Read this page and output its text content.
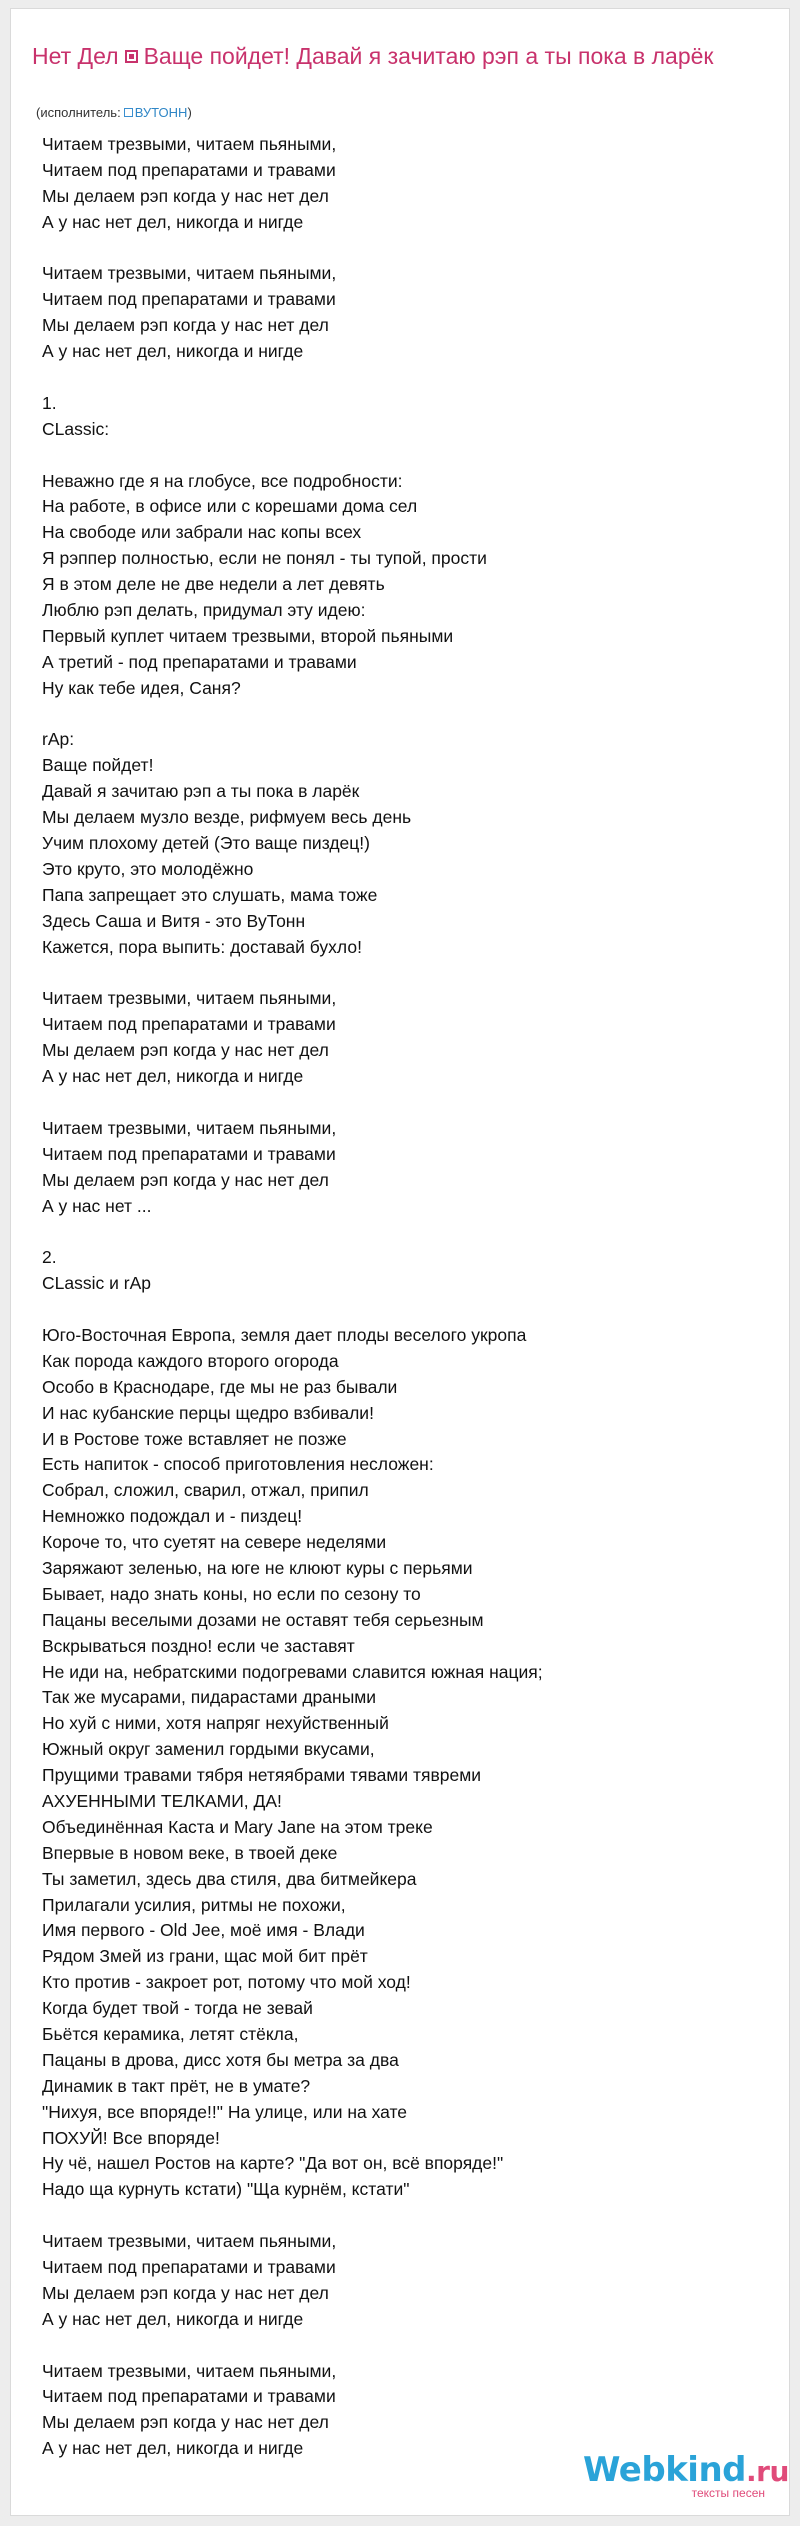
Нет Дел Ваще пойдет! Давай я зачитаю рэп а ты пока в ларёк
(исполнитель: ВУТОНН)
Читаем трезвыми, читаем пьяными,
Читаем под препаратами и травами
Мы делаем рэп когда у нас нет дел
А у нас нет дел, никогда и нигде
Читаем трезвыми, читаем пьяными,
Читаем под препаратами и травами
Мы делаем рэп когда у нас нет дел
А у нас нет дел, никогда и нигде
1.
CLassic:
Неважно где я на глобусе, все подробности:
На работе, в офисе или с корешами дома сел
На свободе или забрали нас копы всех
Я рэппер полностью, если не понял - ты тупой, прости
Я в этом деле не две недели а лет девять
Люблю рэп делать, придумал эту идею:
Первый куплет читаем трезвыми, второй пьяными
А третий - под препаратами и травами
Ну как тебе идея, Саня?
rAp:
Ваще пойдет!
Давай я зачитаю рэп а ты пока в ларёк
Мы делаем музло везде, рифмуем весь день
Учим плохому детей (Это ваще пиздец!)
Это круто, это молодёжно
Папа запрещает это слушать, мама тоже
Здесь Саша и Витя - это ВуТонн
Кажется, пора выпить: доставай бухло!
Читаем трезвыми, читаем пьяными,
Читаем под препаратами и травами
Мы делаем рэп когда у нас нет дел
А у нас нет дел, никогда и нигде
Читаем трезвыми, читаем пьяными,
Читаем под препаратами и травами
Мы делаем рэп когда у нас нет дел
А у нас нет ...
2.
CLassic и rAp
Юго-Восточная Европа, земля дает плоды веселого укропа
Как порода каждого второго огорода
Особо в Краснодаре, где мы не раз бывали
И нас кубанские перцы щедро взбивали!
И в Ростове тоже вставляет не позже
Есть напиток - способ приготовления несложен:
Собрал, сложил, сварил, отжал, припил
Немножко подождал и - пиздец!
Короче то, что суетят на севере неделями
Заряжают зеленью, на юге не клюют куры с перьями
Бывает, надо знать коны, но если по сезону то
Пацаны веселыми дозами не оставят тебя серьезным
Вскрываться поздно! если че заставят
Не иди на, небратскими подогревами славится южная нация;
Так же мусарами, пидарастами драными
Но хуй с ними, хотя напряг нехуйственный
Южный округ заменил гордыми вкусами,
Прущими травами тября нетяябрами тявами тявреми
АХУЕННЫМИ ТЕЛКАМИ, ДА!
Объединённая Каста и Mary Jane на этом треке
Впервые в новом веке, в твоей деке
Ты заметил, здесь два стиля, два битмейкера
Прилагали усилия, ритмы не похожи,
Имя первого - Old Jee, моё имя - Влади
Рядом Змей из грани, щас мой бит прёт
Кто против - закроет рот, потому что мой ход!
Когда будет твой - тогда не зевай
Бьётся керамика, летят стёкла,
Пацаны в дрова, дисс хотя бы метра за два
Динамик в такт прёт, не в умате?
"Нихуя, все впоряде!!" На улице, или на хате
ПОХУЙ! Все впоряде!
Ну чё, нашел Ростов на карте? "Да вот он, всё впоряде!"
Надо ща курнуть кстати) "Ща курнём, кстати"
Читаем трезвыми, читаем пьяными,
Читаем под препаратами и травами
Мы делаем рэп когда у нас нет дел
А у нас нет дел, никогда и нигде
Читаем трезвыми, читаем пьяными,
Читаем под препаратами и травами
Мы делаем рэп когда у нас нет дел
А у нас нет дел, никогда и нигде
Webkind.ru
тексты песен
